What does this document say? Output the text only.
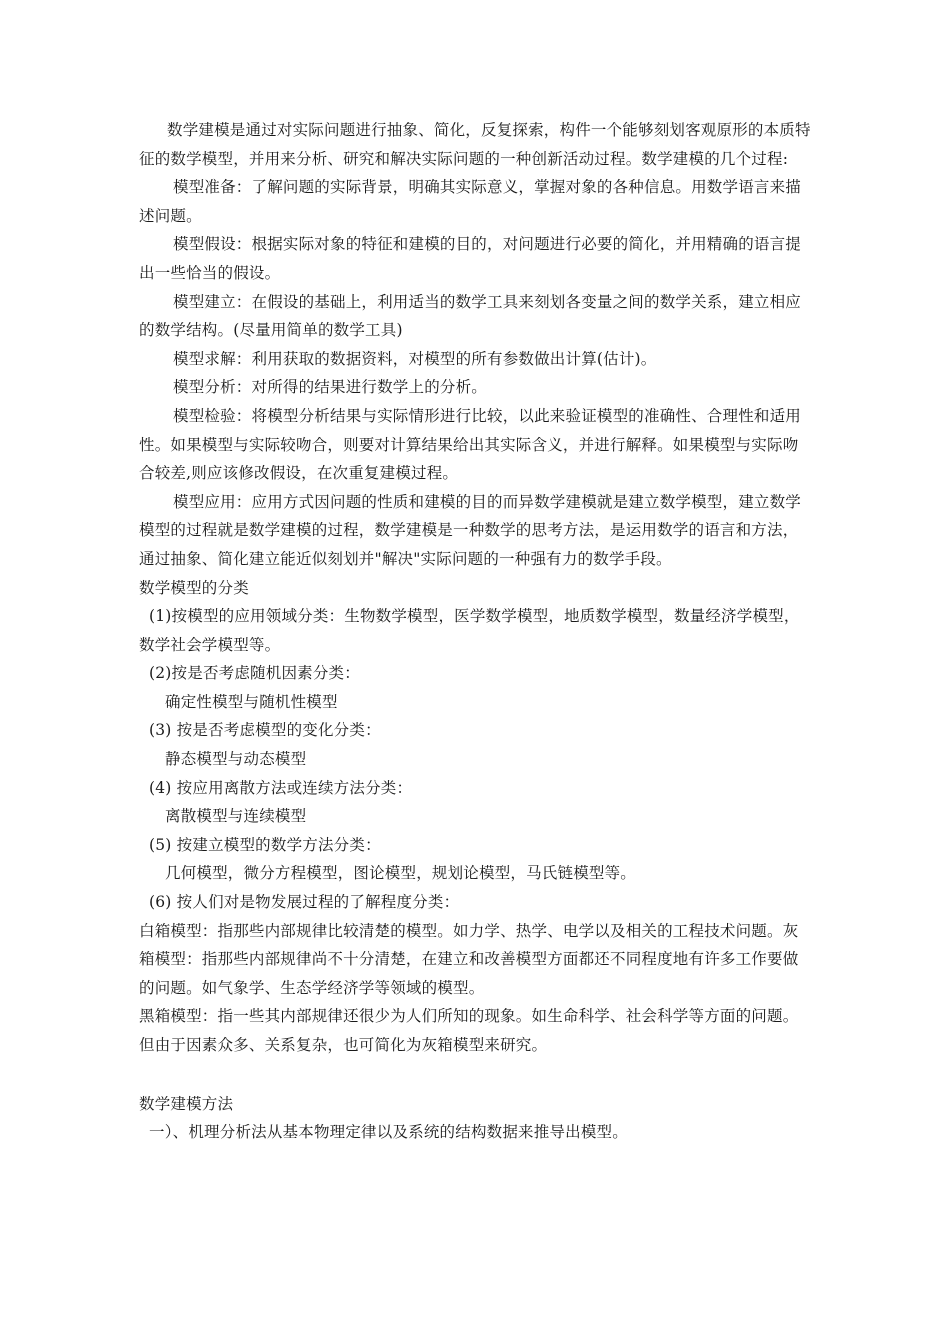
数学建模是通过对实际问题进行抽象、简化，反复探索，构件一个能够刻划客观原形的本质特征的数学模型，并用来分析、研究和解决实际问题的一种创新活动过程。数学建模的几个过程:

模型准备：了解问题的实际背景，明确其实际意义，掌握对象的各种信息。用数学语言来描述问题。

模型假设：根据实际对象的特征和建模的目的，对问题进行必要的简化，并用精确的语言提出一些恰当的假设。

模型建立：在假设的基础上，利用适当的数学工具来刻划各变量之间的数学关系，建立相应的数学结构。(尽量用简单的数学工具)

模型求解：利用获取的数据资料，对模型的所有参数做出计算(估计)。

模型分析：对所得的结果进行数学上的分析。

模型检验：将模型分析结果与实际情形进行比较，以此来验证模型的准确性、合理性和适用性。如果模型与实际较吻合，则要对计算结果给出其实际含义，并进行解释。如果模型与实际吻合较差,则应该修改假设，在次重复建模过程。

模型应用：应用方式因问题的性质和建模的目的而异数学建模就是建立数学模型，建立数学模型的过程就是数学建模的过程，数学建模是一种数学的思考方法，是运用数学的语言和方法，通过抽象、简化建立能近似刻划并"解决"实际问题的一种强有力的数学手段。

数学模型的分类

(1)按模型的应用领域分类：生物数学模型，医学数学模型，地质数学模型，数量经济学模型，数学社会学模型等。

(2)按是否考虑随机因素分类：

确定性模型与随机性模型

(3) 按是否考虑模型的变化分类：

静态模型与动态模型

(4) 按应用离散方法或连续方法分类：

离散模型与连续模型

(5) 按建立模型的数学方法分类：

几何模型，微分方程模型，图论模型，规划论模型，马氏链模型等。

(6) 按人们对是物发展过程的了解程度分类：

白箱模型：指那些内部规律比较清楚的模型。如力学、热学、电学以及相关的工程技术问题。灰箱模型：指那些内部规律尚不十分清楚，在建立和改善模型方面都还不同程度地有许多工作要做的问题。如气象学、生态学经济学等领域的模型。

黑箱模型：指一些其内部规律还很少为人们所知的现象。如生命科学、社会科学等方面的问题。但由于因素众多、关系复杂，也可简化为灰箱模型来研究。

数学建模方法

一）、机理分析法从基本物理定律以及系统的结构数据来推导出模型。
